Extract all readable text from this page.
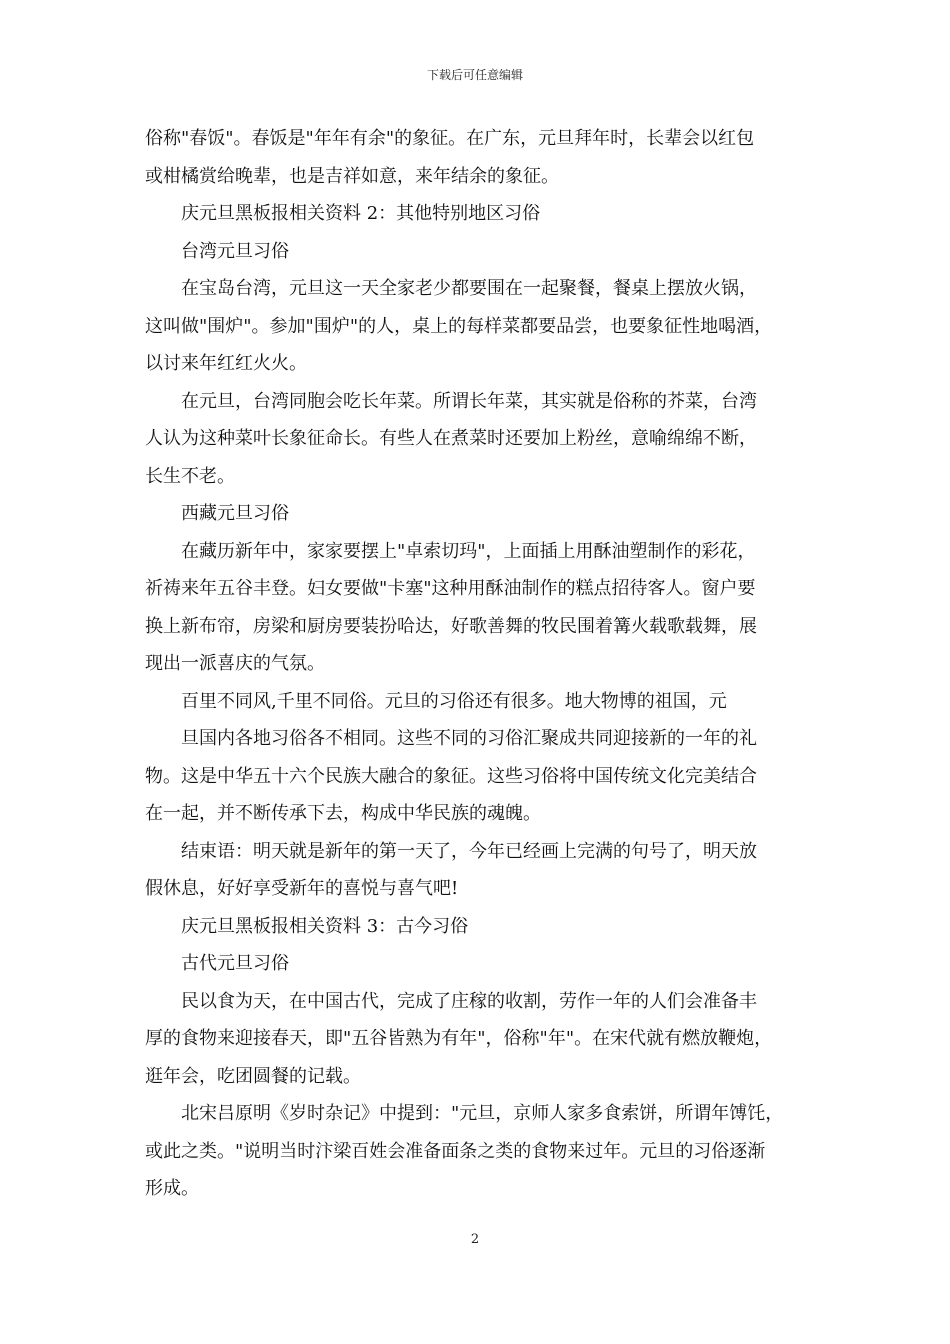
下载后可任意编辑

俗称"春饭"。春饭是"年年有余"的象征。在广东，元旦拜年时，长辈会以红包
或柑橘赏给晚辈，也是吉祥如意，来年结余的象征。

庆元旦黑板报相关资料 2：其他特别地区习俗

台湾元旦习俗

在宝岛台湾，元旦这一天全家老少都要围在一起聚餐，餐桌上摆放火锅，
这叫做"围炉"。参加"围炉"的人，桌上的每样菜都要品尝，也要象征性地喝酒，
以讨来年红红火火。

在元旦，台湾同胞会吃长年菜。所谓长年菜，其实就是俗称的芥菜，台湾
人认为这种菜叶长象征命长。有些人在煮菜时还要加上粉丝，意喻绵绵不断，
长生不老。

西藏元旦习俗

在藏历新年中，家家要摆上"卓索切玛"，上面插上用酥油塑制作的彩花，
祈祷来年五谷丰登。妇女要做"卡塞"这种用酥油制作的糕点招待客人。窗户要
换上新布帘，房梁和厨房要装扮哈达，好歌善舞的牧民围着篝火载歌载舞，展
现出一派喜庆的气氛。

百里不同风,千里不同俗。元旦的习俗还有很多。地大物博的祖国，元

旦国内各地习俗各不相同。这些不同的习俗汇聚成共同迎接新的一年的礼

物。这是中华五十六个民族大融合的象征。这些习俗将中国传统文化完美结合
在一起，并不断传承下去，构成中华民族的魂魄。

结束语：明天就是新年的第一天了，今年已经画上完满的句号了，明天放
假休息，好好享受新年的喜悦与喜气吧!

庆元旦黑板报相关资料 3：古今习俗

古代元旦习俗

民以食为天，在中国古代，完成了庄稼的收割，劳作一年的人们会准备丰
厚的食物来迎接春天，即"五谷皆熟为有年"，俗称"年"。在宋代就有燃放鞭炮，
逛年会，吃团圆餐的记载。

北宋吕原明《岁时杂记》中提到："元旦，京师人家多食索饼，所谓年馎饦，
或此之类。"说明当时汴梁百姓会准备面条之类的食物来过年。元旦的习俗逐渐
形成。

2
